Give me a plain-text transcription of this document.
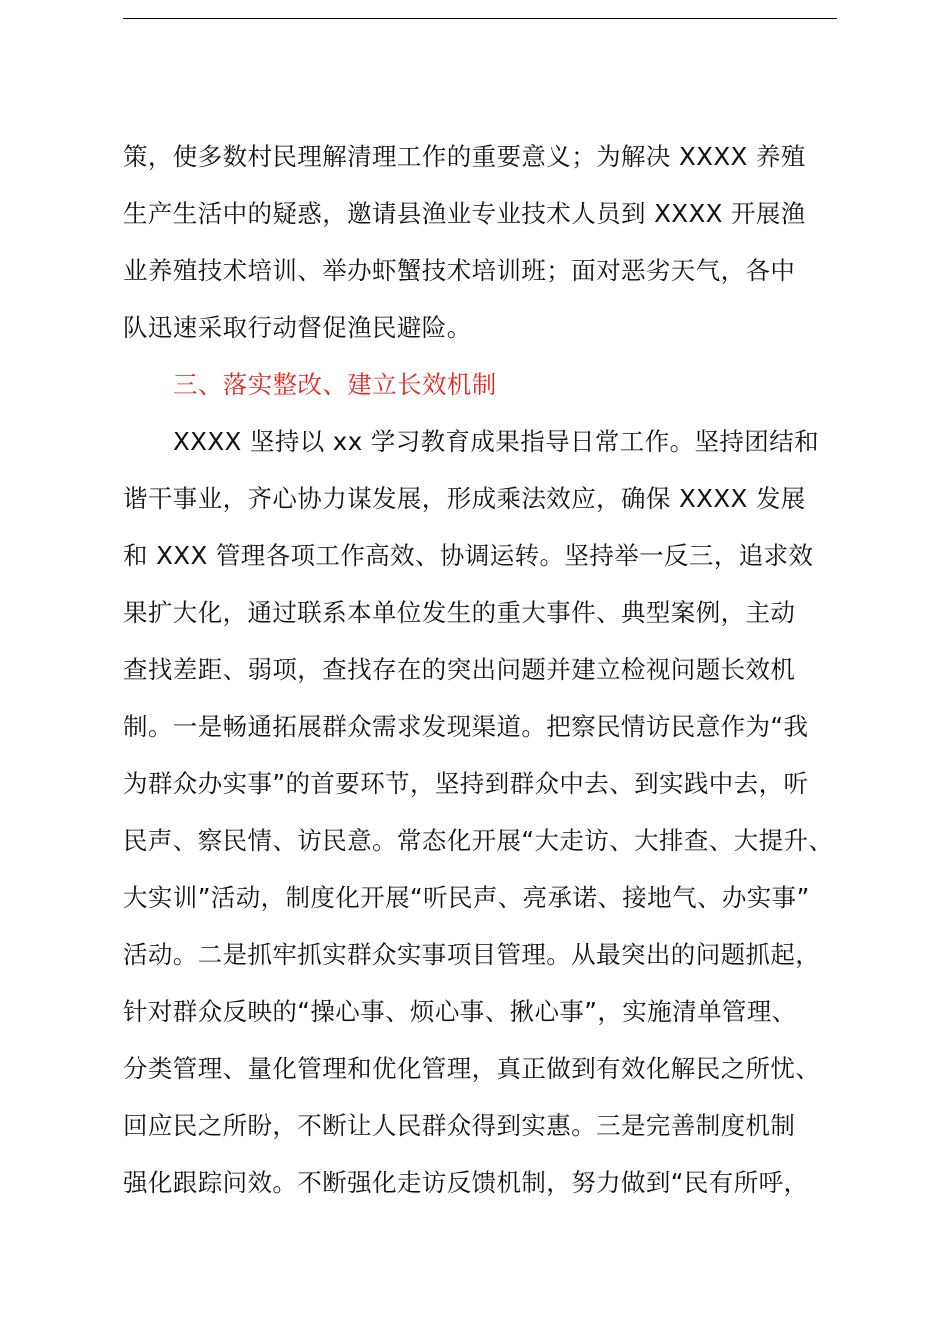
策，使多数村民理解清理工作的重要意义；为解决 XXXX 养殖
生产生活中的疑惑，邀请县渔业专业技术人员到 XXXX 开展渔
业养殖技术培训、举办虾蟹技术培训班；面对恶劣天气，各中
队迅速采取行动督促渔民避险。
三、落实整改、建立长效机制
XXXX 坚持以 xx 学习教育成果指导日常工作。坚持团结和
谐干事业，齐心协力谋发展，形成乘法效应，确保 XXXX 发展
和 XXX 管理各项工作高效、协调运转。坚持举一反三，追求效
果扩大化，通过联系本单位发生的重大事件、典型案例，主动
查找差距、弱项，查找存在的突出问题并建立检视问题长效机
制。一是畅通拓展群众需求发现渠道。把察民情访民意作为“我
为群众办实事”的首要环节，坚持到群众中去、到实践中去，听
民声、察民情、访民意。常态化开展“大走访、大排查、大提升、
大实训”活动，制度化开展“听民声、亮承诺、接地气、办实事”
活动。二是抓牢抓实群众实事项目管理。从最突出的问题抓起，
针对群众反映的“操心事、烦心事、揪心事”，实施清单管理、
分类管理、量化管理和优化管理，真正做到有效化解民之所忧、
回应民之所盼，不断让人民群众得到实惠。三是完善制度机制
强化跟踪问效。不断强化走访反馈机制，努力做到“民有所呼，
